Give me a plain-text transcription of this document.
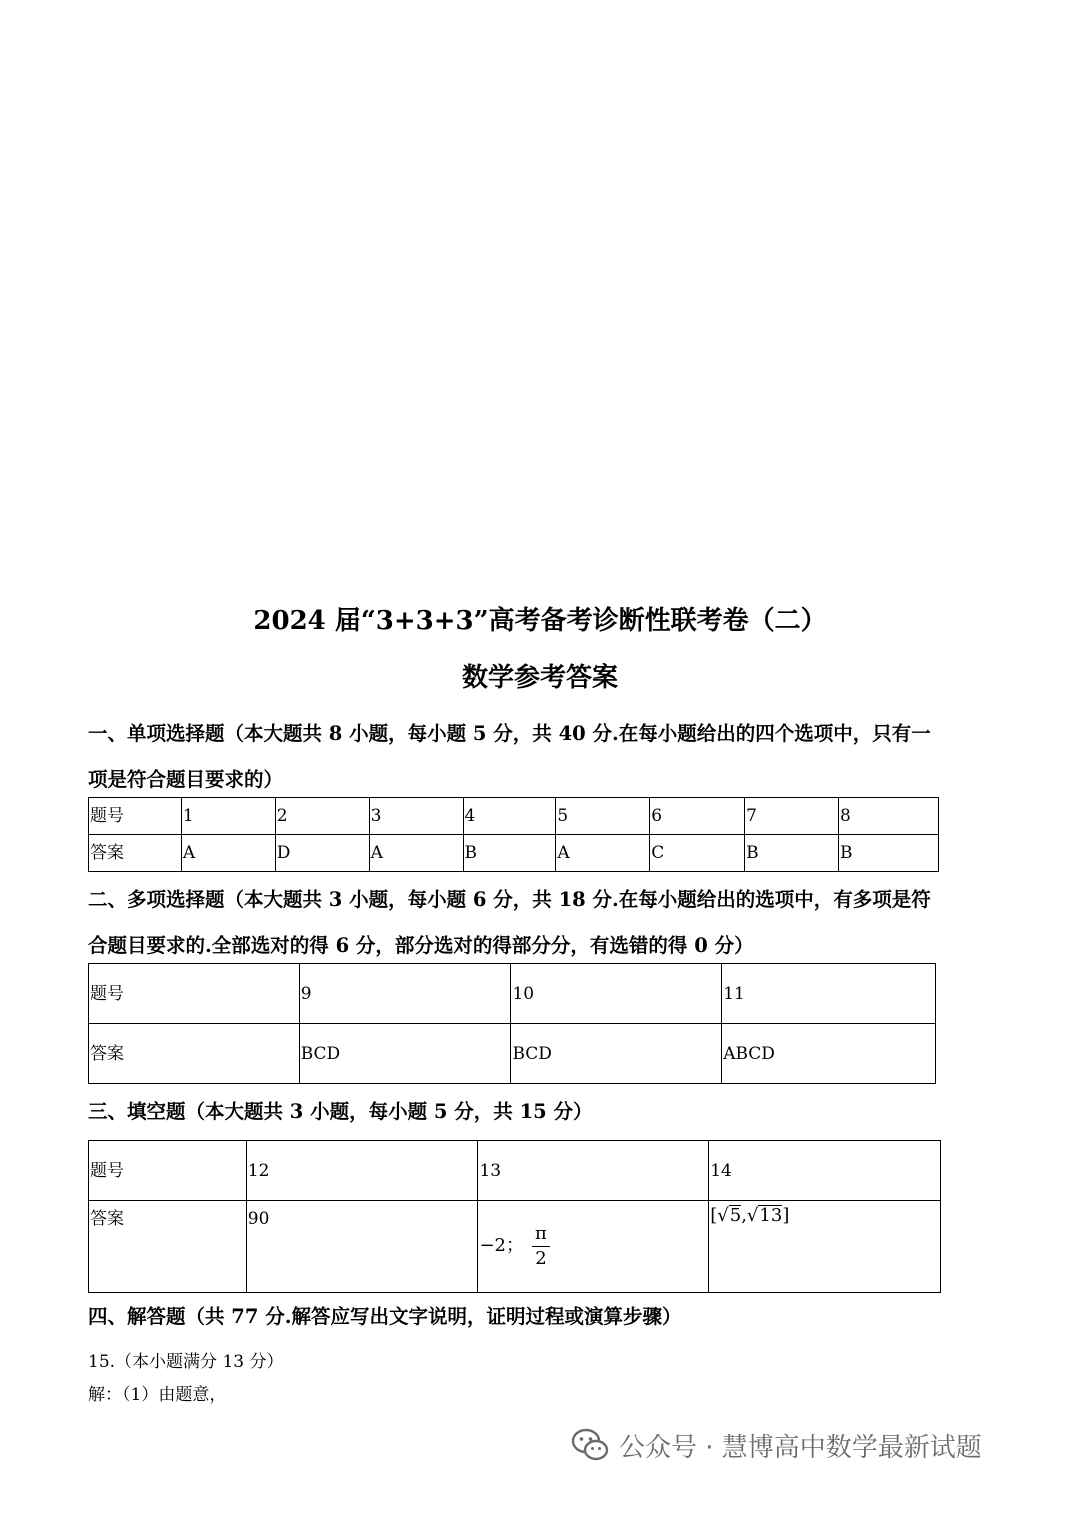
2024 届“3+3+3”高考备考诊断性联考卷（二）
数学参考答案
一、单项选择题（本大题共 8 小题，每小题 5 分，共 40 分.在每小题给出的四个选项中，只有一
项是符合题目要求的）
题号	1	2	3	4	5	6	7	8
答案	A	D	A	B	A	C	B	B
二、多项选择题（本大题共 3 小题，每小题 6 分，共 18 分.在每小题给出的选项中，有多项是符
合题目要求的.全部选对的得 6 分，部分选对的得部分分，有选错的得 0 分）
题号	9	10	11
答案	BCD	BCD	ABCD
三、填空题（本大题共 3 小题，每小题 5 分，共 15 分）
题号	12	13	14
答案	90	−2； $\frac{\pi}{2}$	[√5,√13]
四、解答题（共 77 分.解答应写出文字说明，证明过程或演算步骤）
15.（本小题满分 13 分）
解：（1）由题意，
公众号 · 慧博高中数学最新试题
